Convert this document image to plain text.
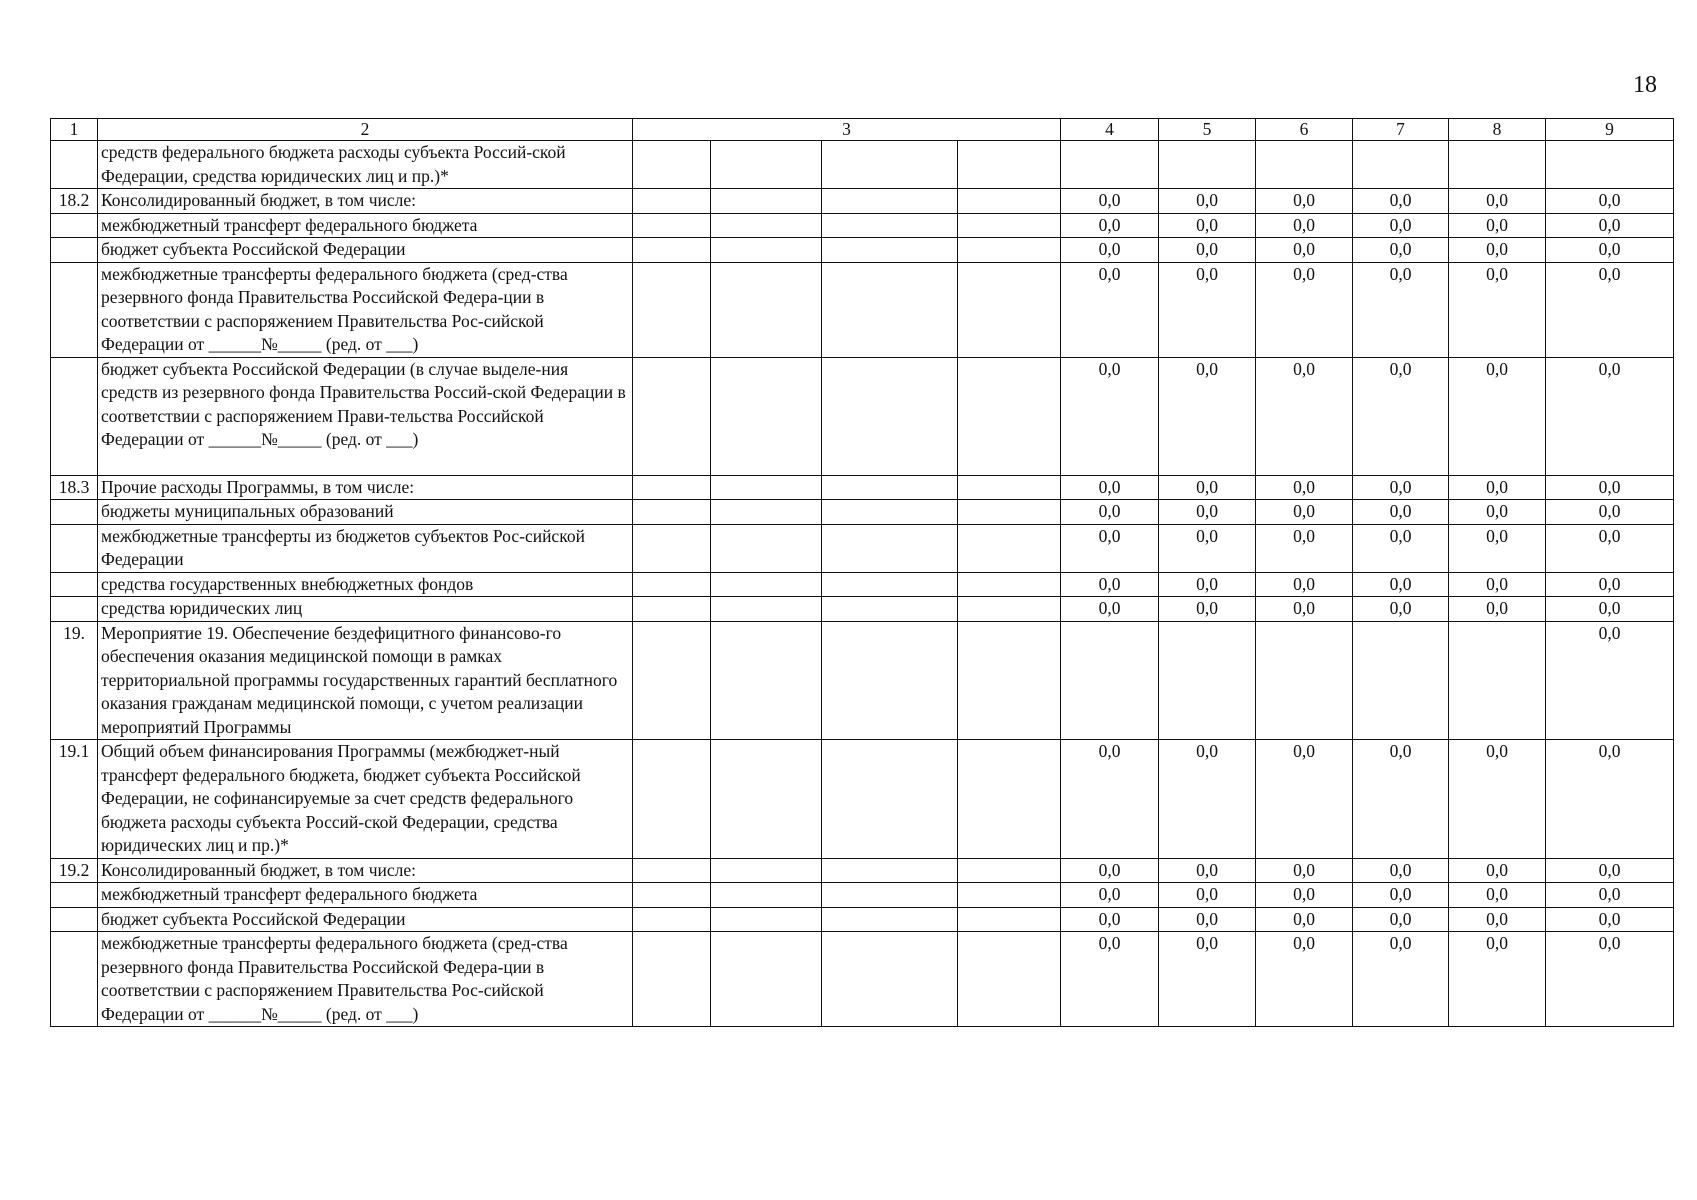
18
1	2	3				4	5	6	7	8	9
	средств федерального бюджета расходы субъекта Россий-ской Федерации, средства юридических лиц и пр.)*										
18.2	Консолидированный бюджет, в том числе:					0,0	0,0	0,0	0,0	0,0	0,0
	межбюджетный трансферт федерального бюджета					0,0	0,0	0,0	0,0	0,0	0,0
	бюджет субъекта Российской Федерации					0,0	0,0	0,0	0,0	0,0	0,0
	межбюджетные трансферты федерального бюджета (сред-ства резервного фонда Правительства Российской Федера-ции в соответствии с распоряжением Правительства Рос-сийской Федерации от ______№_____ (ред. от ___)					0,0	0,0	0,0	0,0	0,0	0,0
	бюджет субъекта Российской Федерации (в случае выделе-ния средств из резервного фонда Правительства Россий-ской Федерации в соответствии с распоряжением Прави-тельства Российской Федерации от ______№_____ (ред. от ___)					0,0	0,0	0,0	0,0	0,0	0,0
18.3	Прочие расходы Программы, в том числе:					0,0	0,0	0,0	0,0	0,0	0,0
	бюджеты муниципальных образований					0,0	0,0	0,0	0,0	0,0	0,0
	межбюджетные трансферты из бюджетов субъектов Рос-сийской Федерации					0,0	0,0	0,0	0,0	0,0	0,0
	средства государственных внебюджетных фондов					0,0	0,0	0,0	0,0	0,0	0,0
	средства юридических лиц					0,0	0,0	0,0	0,0	0,0	0,0
19.	Мероприятие 19. Обеспечение бездефицитного финансово-го обеспечения оказания медицинской помощи в рамках территориальной программы государственных гарантий бесплатного оказания гражданам медицинской помощи, с учетом реализации мероприятий Программы										0,0
19.1	Общий объем финансирования Программы (межбюджет-ный трансферт федерального бюджета, бюджет субъекта Российской Федерации, не софинансируемые за счет средств федерального бюджета расходы субъекта Россий-ской Федерации, средства юридических лиц и пр.)*					0,0	0,0	0,0	0,0	0,0	0,0
19.2	Консолидированный бюджет, в том числе:					0,0	0,0	0,0	0,0	0,0	0,0
	межбюджетный трансферт федерального бюджета					0,0	0,0	0,0	0,0	0,0	0,0
	бюджет субъекта Российской Федерации					0,0	0,0	0,0	0,0	0,0	0,0
	межбюджетные трансферты федерального бюджета (сред-ства резервного фонда Правительства Российской Федера-ции в соответствии с распоряжением Правительства Рос-сийской Федерации от ______№_____ (ред. от ___)					0,0	0,0	0,0	0,0	0,0	0,0
